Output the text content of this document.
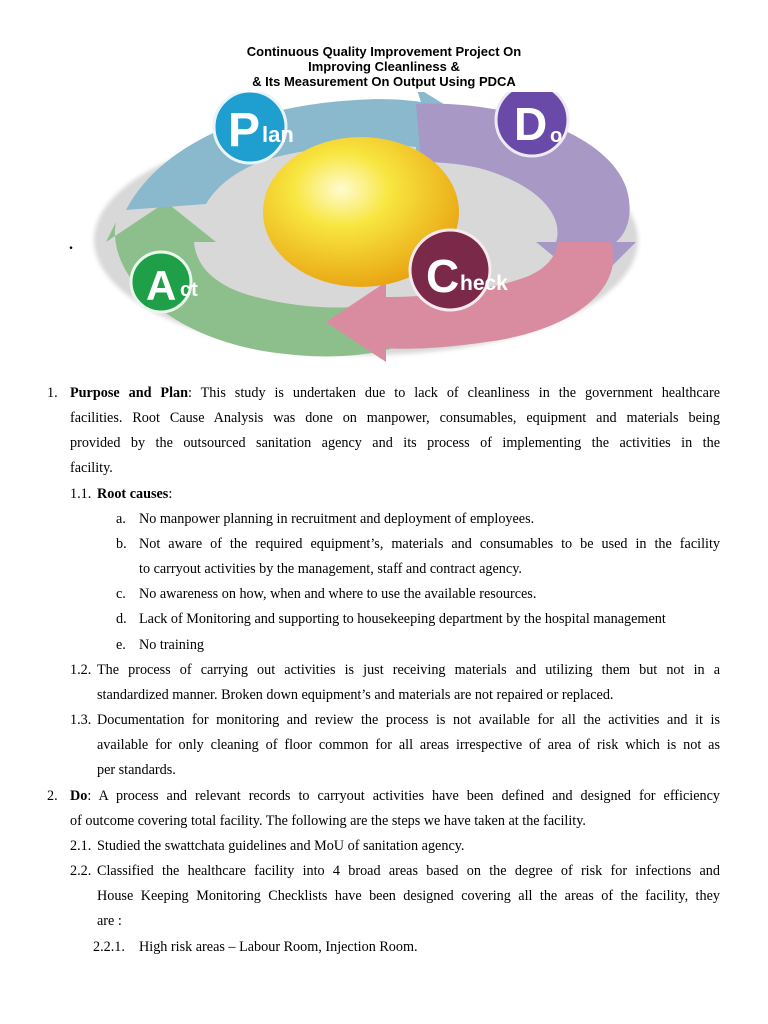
Continuous Quality Improvement Project On
Improving Cleanliness &
& Its Measurement On Output Using PDCA
.
P lan	D o
C heck
A ct
1. Purpose and Plan: This study is undertaken due to lack of cleanliness in the government healthcare
facilities. Root Cause Analysis was done on manpower, consumables, equipment and materials being
provided by the outsourced sanitation agency and its process of implementing the activities in the
facility.
1.1. Root causes:
a. No manpower planning in recruitment and deployment of employees.
b. Not aware of the required equipment’s, materials and consumables to be used in the facility
to carryout activities by the management, staff and contract agency.
c. No awareness on how, when and where to use the available resources.
d. Lack of Monitoring and supporting to housekeeping department by the hospital management
e. No training
1.2. The process of carrying out activities is just receiving materials and utilizing them but not in a
standardized manner. Broken down equipment’s and materials are not repaired or replaced.
1.3. Documentation for monitoring and review the process is not available for all the activities and it is
available for only cleaning of floor common for all areas irrespective of area of risk which is not as
per standards.
2. Do: A process and relevant records to carryout activities have been defined and designed for efficiency
of outcome covering total facility. The following are the steps we have taken at the facility.
2.1. Studied the swattchata guidelines and MoU of sanitation agency.
2.2. Classified the healthcare facility into 4 broad areas based on the degree of risk for infections and
House Keeping Monitoring Checklists have been designed covering all the areas of the facility, they
are :
2.2.1. High risk areas – Labour Room, Injection Room.
